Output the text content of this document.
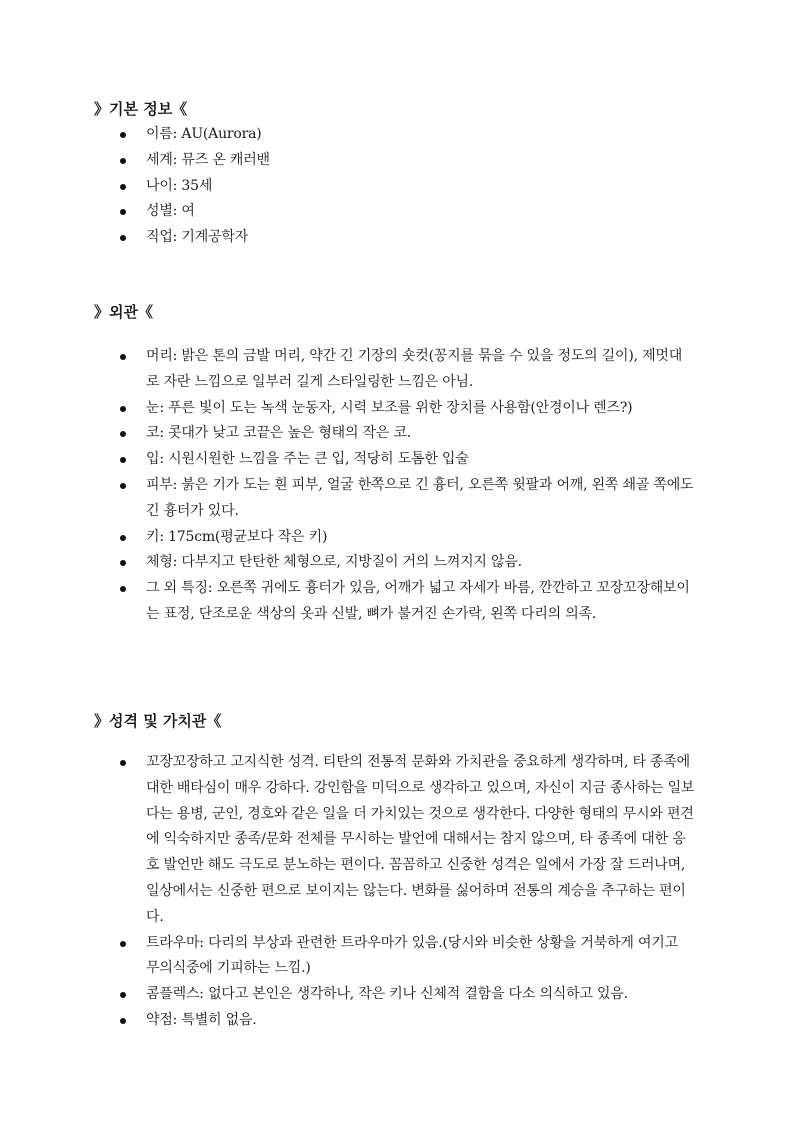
》기본 정보《
이름: AU(Aurora)
세계: 뮤즈 온 캐러밴
나이: 35세
성별: 여
직업: 기계공학자
》외관《
머리: 밝은 톤의 금발 머리, 약간 긴 기장의 숏컷(꽁지를 묶을 수 있을 정도의 길이), 제멋대로 자란 느낌으로 일부러 길게 스타일링한 느낌은 아님.
눈: 푸른 빛이 도는 녹색 눈동자, 시력 보조를 위한 장치를 사용함(안경이나 렌즈?)
코: 콧대가 낮고 코끝은 높은 형태의 작은 코.
입: 시원시원한 느낌을 주는 큰 입, 적당히 도톰한 입술
피부: 붉은 기가 도는 흰 피부, 얼굴 한쪽으로 긴 흉터, 오른쪽 윗팔과 어깨, 왼쪽 쇄골 쪽에도 긴 흉터가 있다.
키: 175cm(평균보다 작은 키)
체형: 다부지고 탄탄한 체형으로, 지방질이 거의 느껴지지 않음.
그 외 특징: 오른쪽 귀에도 흉터가 있음, 어깨가 넓고 자세가 바름, 깐깐하고 꼬장꼬장해보이는 표정, 단조로운 색상의 옷과 신발, 뼈가 불거진 손가락, 왼쪽 다리의 의족.
》성격 및 가치관《
꼬장꼬장하고 고지식한 성격. 티탄의 전통적 문화와 가치관을 중요하게 생각하며, 타 종족에 대한 배타심이 매우 강하다. 강인함을 미덕으로 생각하고 있으며, 자신이 지금 종사하는 일보다는 용병, 군인, 경호와 같은 일을 더 가치있는 것으로 생각한다. 다양한 형태의 무시와 편견에 익숙하지만 종족/문화 전체를 무시하는 발언에 대해서는 참지 않으며, 타 종족에 대한 옹호 발언만 해도 극도로 분노하는 편이다. 꼼꼼하고 신중한 성격은 일에서 가장 잘 드러나며, 일상에서는 신중한 편으로 보이지는 않는다. 변화를 싫어하며 전통의 계승을 추구하는 편이다.
트라우마: 다리의 부상과 관련한 트라우마가 있음.(당시와 비슷한 상황을 거북하게 여기고 무의식중에 기피하는 느낌.)
콤플렉스: 없다고 본인은 생각하나, 작은 키나 신체적 결함을 다소 의식하고 있음.
약점: 특별히 없음.
